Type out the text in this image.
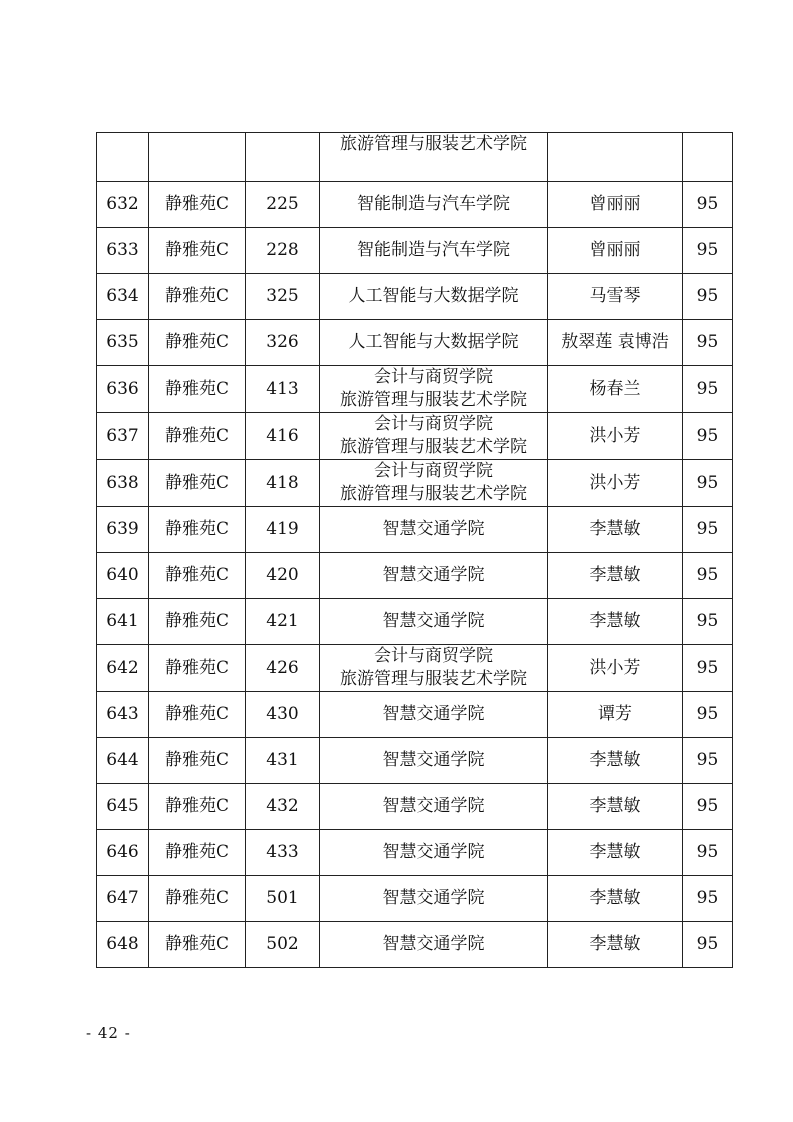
			旅游管理与服装艺术学院		

632	静雅苑C	225	智能制造与汽车学院	曾丽丽	95
633	静雅苑C	228	智能制造与汽车学院	曾丽丽	95
634	静雅苑C	325	人工智能与大数据学院	马雪琴	95
635	静雅苑C	326	人工智能与大数据学院	敖翠莲 袁博浩	95
636	静雅苑C	413	会计与商贸学院
旅游管理与服装艺术学院	杨春兰	95
637	静雅苑C	416	会计与商贸学院
旅游管理与服装艺术学院	洪小芳	95
638	静雅苑C	418	会计与商贸学院
旅游管理与服装艺术学院	洪小芳	95
639	静雅苑C	419	智慧交通学院	李慧敏	95
640	静雅苑C	420	智慧交通学院	李慧敏	95
641	静雅苑C	421	智慧交通学院	李慧敏	95
642	静雅苑C	426	会计与商贸学院
旅游管理与服装艺术学院	洪小芳	95
643	静雅苑C	430	智慧交通学院	谭芳	95
644	静雅苑C	431	智慧交通学院	李慧敏	95
645	静雅苑C	432	智慧交通学院	李慧敏	95
646	静雅苑C	433	智慧交通学院	李慧敏	95
647	静雅苑C	501	智慧交通学院	李慧敏	95
648	静雅苑C	502	智慧交通学院	李慧敏	95
- 42 -
